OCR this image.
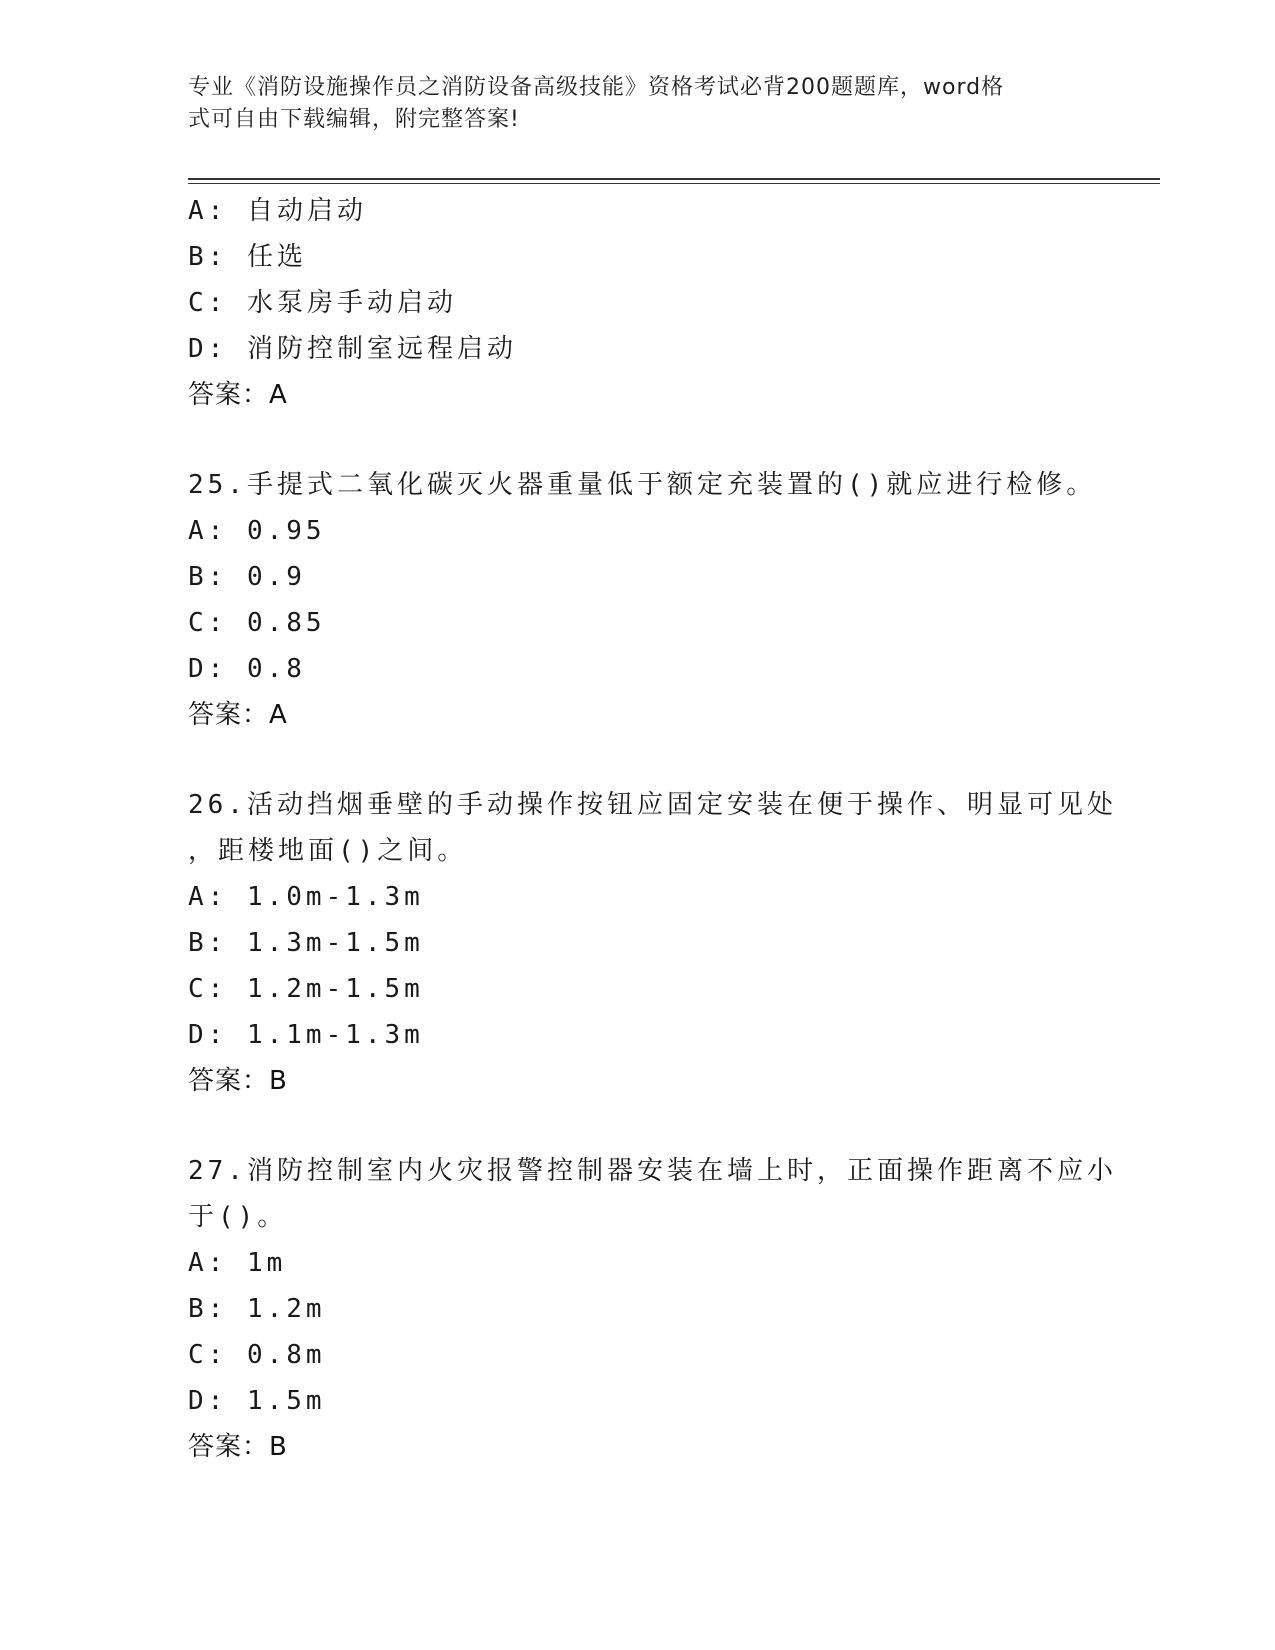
专业《消防设施操作员之消防设备高级技能》资格考试必背200题题库，word格
式可自由下载编辑，附完整答案!
A: 自动启动
B: 任选
C: 水泵房手动启动
D: 消防控制室远程启动
答案：A
25.手提式二氧化碳灭火器重量低于额定充装置的()就应进行检修。
A: 0.95
B: 0.9
C: 0.85
D: 0.8
答案：A
26.活动挡烟垂壁的手动操作按钮应固定安装在便于操作、明显可见处
，距楼地面()之间。
A: 1.0m-1.3m
B: 1.3m-1.5m
C: 1.2m-1.5m
D: 1.1m-1.3m
答案：B
27.消防控制室内火灾报警控制器安装在墙上时，正面操作距离不应小
于()。
A: 1m
B: 1.2m
C: 0.8m
D: 1.5m
答案：B
